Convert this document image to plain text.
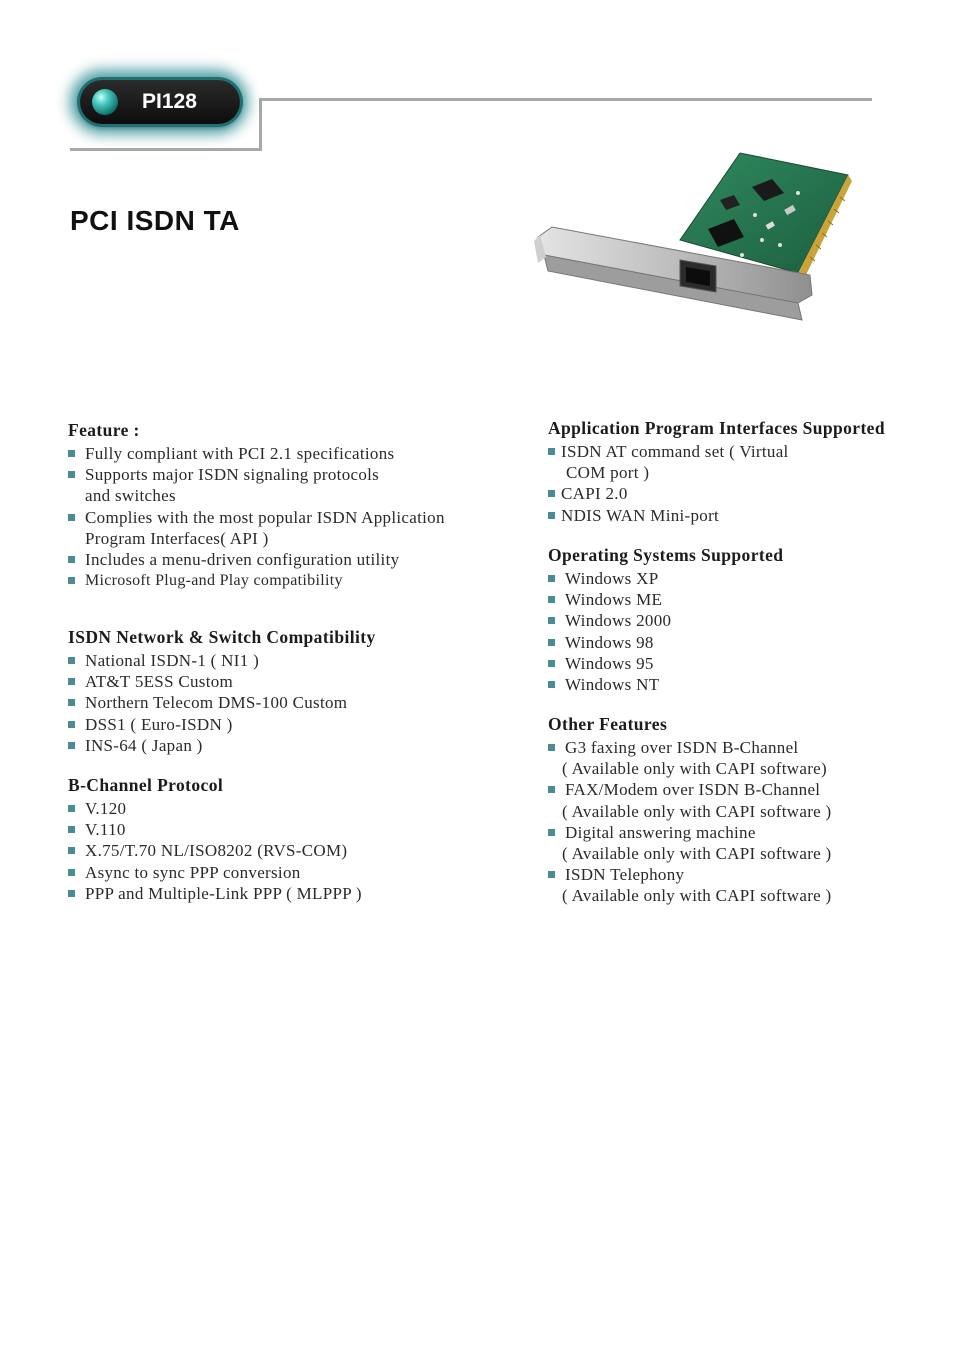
PI128
PCI ISDN TA
Feature :
Fully compliant with PCI 2.1 specifications
Supports major ISDN signaling protocols
and switches
Complies with the most popular ISDN Application
Program Interfaces( API )
Includes a menu-driven configuration utility
Microsoft Plug-and Play compatibility
ISDN Network & Switch Compatibility
National ISDN-1 ( NI1 )
AT&T 5ESS Custom
Northern Telecom DMS-100 Custom
DSS1 ( Euro-ISDN )
INS-64 ( Japan )
B-Channel Protocol
V.120
V.110
X.75/T.70 NL/ISO8202 (RVS-COM)
Async to sync PPP conversion
PPP and Multiple-Link PPP ( MLPPP )
Application Program Interfaces Supported
ISDN AT command set ( Virtual
COM port )
CAPI 2.0
NDIS WAN Mini-port
Operating Systems Supported
Windows XP
Windows ME
Windows 2000
Windows 98
Windows 95
Windows NT
Other Features
G3 faxing over ISDN B-Channel
( Available only with CAPI software)
FAX/Modem over ISDN B-Channel
( Available only with CAPI software )
Digital answering machine
( Available only with CAPI software )
ISDN Telephony
( Available only with CAPI software )
